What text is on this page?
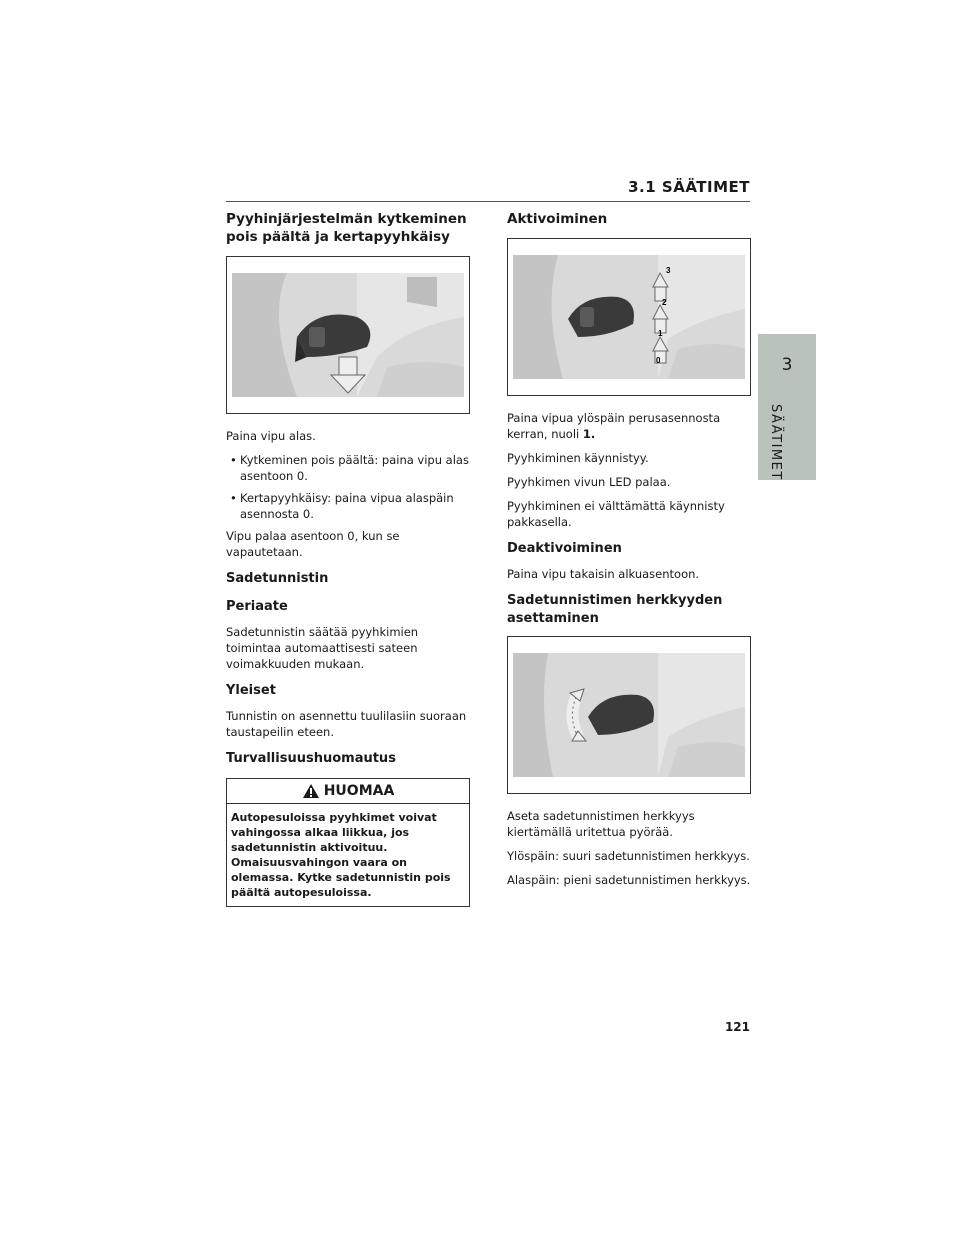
3.1 SÄÄTIMET
3
SÄÄTIMET
Pyyhinjärjestelmän kytkeminen pois päältä ja kertapyyhkäisy

Paina vipu alas.

• Kytkeminen pois päältä: paina vipu alas asentoon 0.
• Kertapyyhkäisy: paina vipua alaspäin asennosta 0.

Vipu palaa asentoon 0, kun se vapautetaan.

Sadetunnistin
Periaate

Sadetunnistin säätää pyyhkimien toimintaa automaattisesti sateen voimakkuuden mukaan.

Yleiset

Tunnistin on asennettu tuulilasiin suoraan taustapeilin eteen.

Turvallisuushuomautus
HUOMAA
Autopesuloissa pyyhkimet voivat vahingossa alkaa liikkua, jos sadetunnistin aktivoituu. Omaisuusvahingon vaara on olemassa. Kytke sadetunnistin pois päältä autopesuloissa.
Aktivoiminen
3
2
1
0

Paina vipua ylöspäin perusasennosta kerran, nuoli 1.

Pyyhkiminen käynnistyy.

Pyyhkimen vivun LED palaa.

Pyyhkiminen ei välttämättä käynnisty pakkasella.

Deaktivoiminen

Paina vipu takaisin alkuasentoon.

Sadetunnistimen herkkyyden asettaminen

Aseta sadetunnistimen herkkyys kiertämällä uritettua pyörää.

Ylöspäin: suuri sadetunnistimen herkkyys.

Alaspäin: pieni sadetunnistimen herkkyys.

121
